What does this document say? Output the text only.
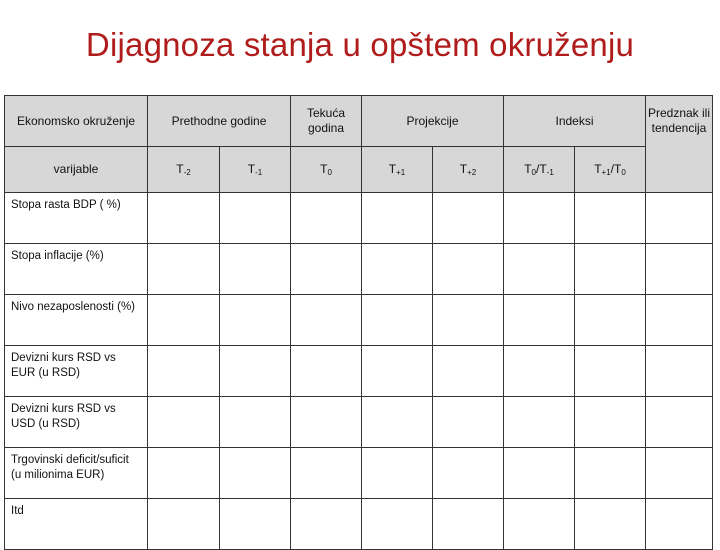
Dijagnoza stanja u opštem okruženju
Ekonomsko okruženje	Prethodne godine		Tekuća godina	Projekcije		Indeksi		Predznak ili tendencija
varijable	$T_{-2}$	$T_{-1}$	$T_0$	$T_{+1}$	$T_{+2}$	$T_0/T_{-1}$	$T_{+1}/T_0$	
Stopa rasta BDP ( %)								
Stopa inflacije (%)								
Nivo nezaposlenosti (%)								
Devizni kurs RSD vs EUR (u RSD)								
Devizni kurs RSD vs USD (u RSD)								
Trgovinski deficit/suficit (u milionima EUR)								
Itd								
